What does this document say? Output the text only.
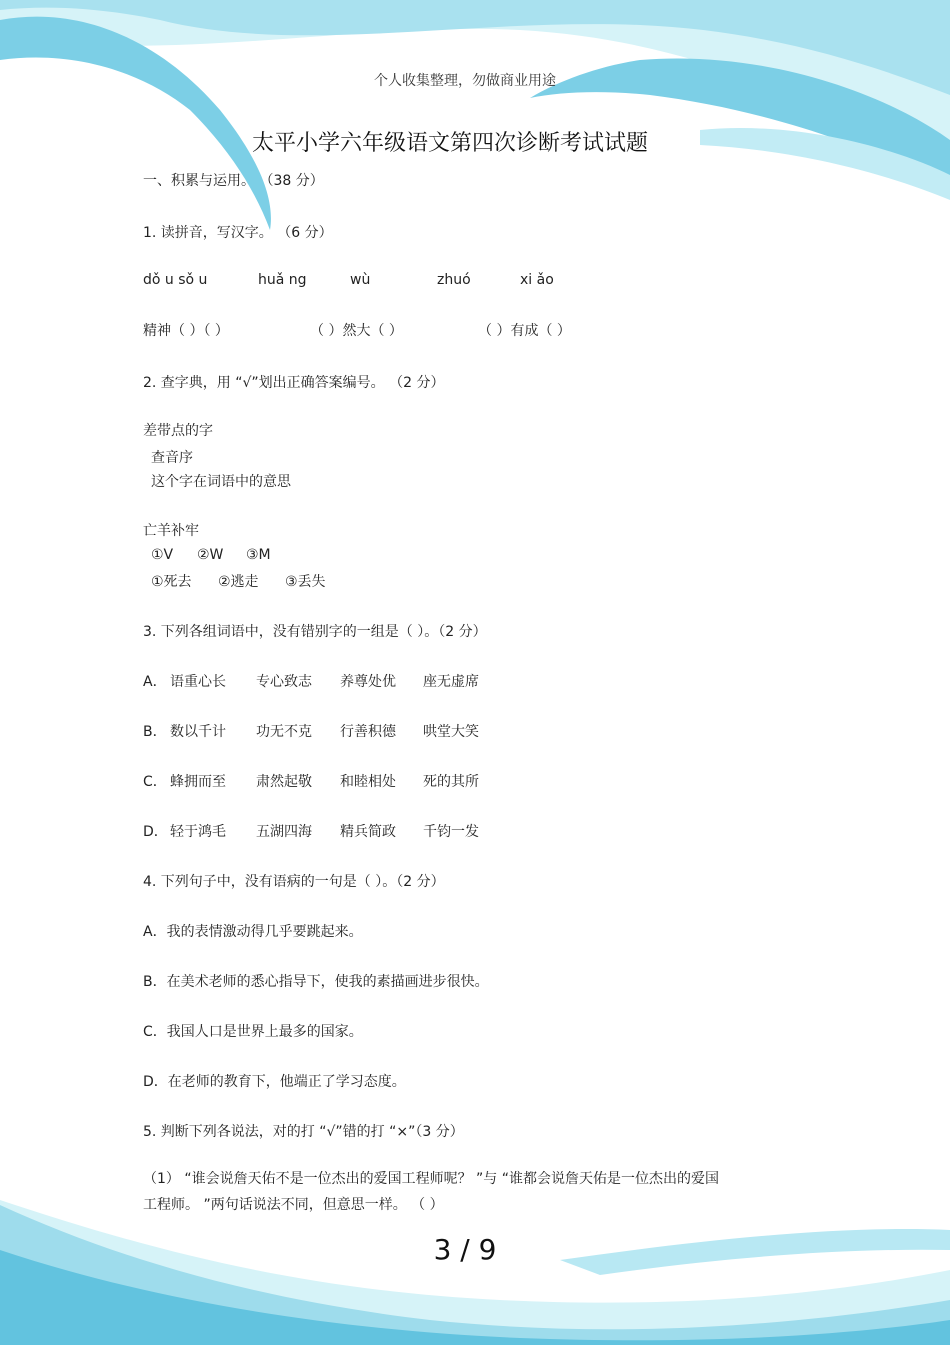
个人收集整理，勿做商业用途
太平小学六年级语文第四次诊断考试试题
一、积累与运用。 （38 分）
1. 读拼音，写汉字。 （6 分）
dǒ u sǒ u	huǎ ng	wù	zhuó	xi ǎo
精神（ ）（ ）	（ ）然大（ ）	（ ）有成（ ）
2. 查字典，用 “√”划出正确答案编号。 （2 分）
差带点的字
查音序
这个字在词语中的意思
亡羊补牢
①V ②W ③M
①死去 ②逃走 ③丢失
3. 下列各组词语中，没有错别字的一组是（ ）。（2 分）
A． 语重心长 专心致志 养尊处优 座无虚席
B． 数以千计 功无不克 行善积德 哄堂大笑
C． 蜂拥而至 肃然起敬 和睦相处 死的其所
D． 轻于鸿毛 五湖四海 精兵简政 千钧一发
4. 下列句子中，没有语病的一句是（ ）。（2 分）
A．我的表情激动得几乎要跳起来。
B．在美术老师的悉心指导下，使我的素描画进步很快。
C．我国人口是世界上最多的国家。
D．在老师的教育下，他端正了学习态度。
5. 判断下列各说法，对的打 “√”错的打 “×”（3 分）
（1） “谁会说詹天佑不是一位杰出的爱国工程师呢？ ”与 “谁都会说詹天佑是一位杰出的爱国
工程师。 ”两句话说法不同，但意思一样。 （ ）
3 / 9
